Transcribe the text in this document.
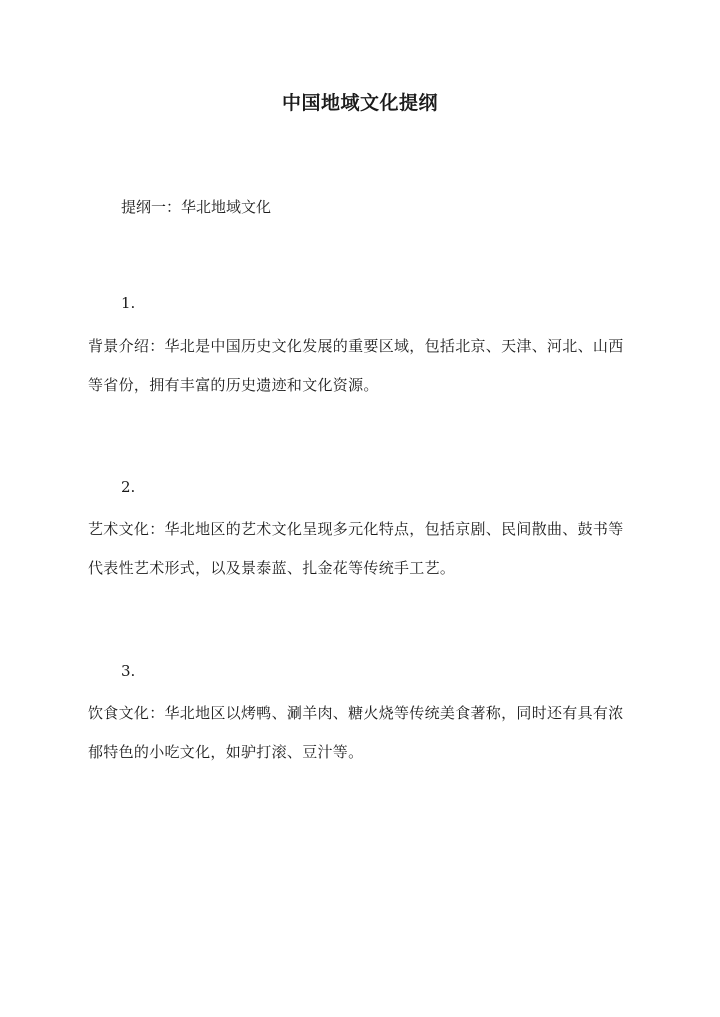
中国地域文化提纲

提纲一：华北地域文化

1.

背景介绍：华北是中国历史文化发展的重要区域，包括北京、天津、河北、山西等省份，拥有丰富的历史遗迹和文化资源。

2.

艺术文化：华北地区的艺术文化呈现多元化特点，包括京剧、民间散曲、鼓书等代表性艺术形式，以及景泰蓝、扎金花等传统手工艺。

3.

饮食文化：华北地区以烤鸭、涮羊肉、糖火烧等传统美食著称，同时还有具有浓郁特色的小吃文化，如驴打滚、豆汁等。
